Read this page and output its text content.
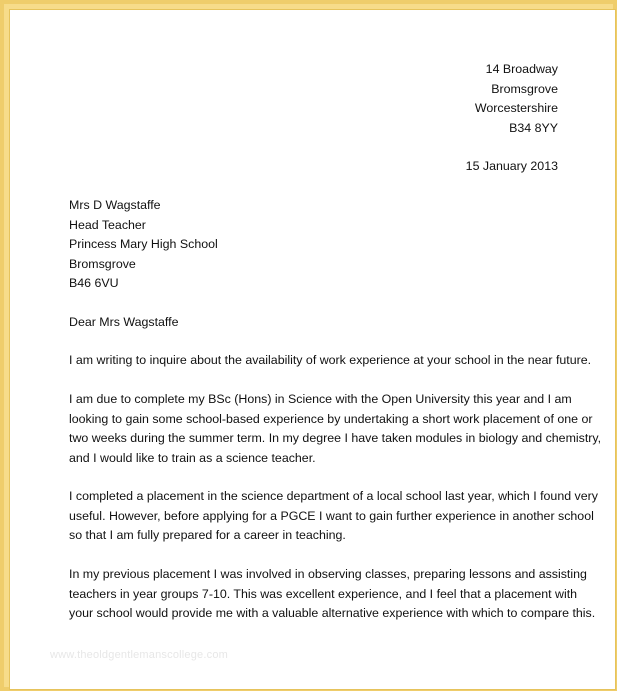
14 Broadway
Bromsgrove
Worcestershire
B34 8YY
15 January 2013
Mrs D Wagstaffe
Head Teacher
Princess Mary High School
Bromsgrove
B46 6VU
Dear Mrs Wagstaffe

I am writing to inquire about the availability of work experience at your school in the near future.

I am due to complete my BSc (Hons) in Science with the Open University this year and I am
looking to gain some school-based experience by undertaking a short work placement of one or
two weeks during the summer term. In my degree I have taken modules in biology and chemistry,
and I would like to train as a science teacher.

I completed a placement in the science department of a local school last year, which I found very
useful. However, before applying for a PGCE I want to gain further experience in another school
so that I am fully prepared for a career in teaching.

In my previous placement I was involved in observing classes, preparing lessons and assisting
teachers in year groups 7-10. This was excellent experience, and I feel that a placement with
your school would provide me with a valuable alternative experience with which to compare this.

www.theoldgentlemanscollege.com
